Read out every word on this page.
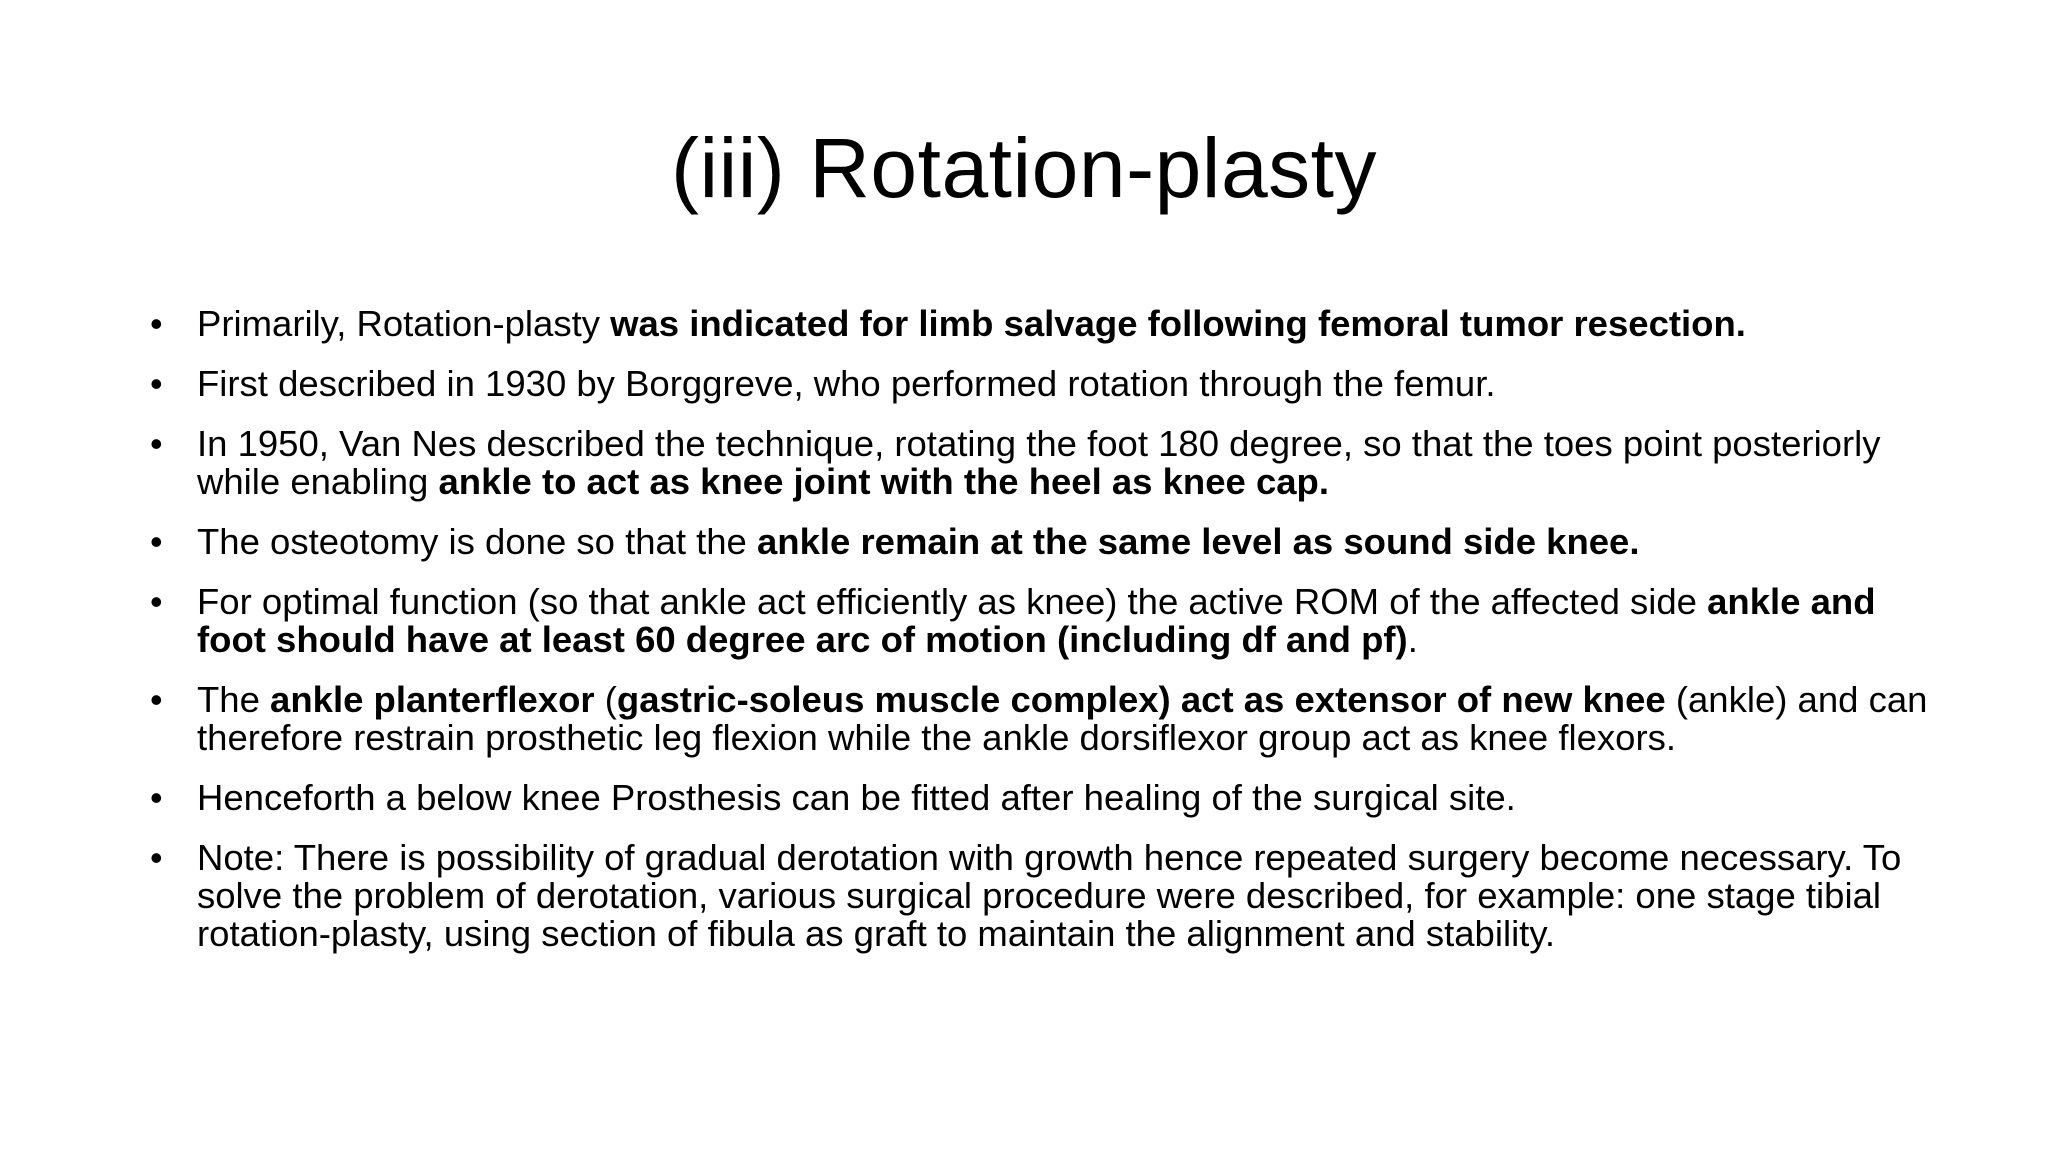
(iii) Rotation-plasty
• Primarily, Rotation-plasty was indicated for limb salvage following femoral tumor resection.
• First described in 1930 by Borggreve, who performed rotation through the femur.
• In 1950, Van Nes described the technique, rotating the foot 180 degree, so that the toes point posteriorly while enabling ankle to act as knee joint with the heel as knee cap.
• The osteotomy is done so that the ankle remain at the same level as sound side knee.
• For optimal function (so that ankle act efficiently as knee) the active ROM of the affected side ankle and foot should have at least 60 degree arc of motion (including df and pf).
• The ankle planterflexor (gastric-soleus muscle complex) act as extensor of new knee (ankle) and can therefore restrain prosthetic leg flexion while the ankle dorsiflexor group act as knee flexors.
• Henceforth a below knee Prosthesis can be fitted after healing of the surgical site.
• Note: There is possibility of gradual derotation with growth hence repeated surgery become necessary. To solve the problem of derotation, various surgical procedure were described, for example: one stage tibial rotation-plasty, using section of fibula as graft to maintain the alignment and stability.
